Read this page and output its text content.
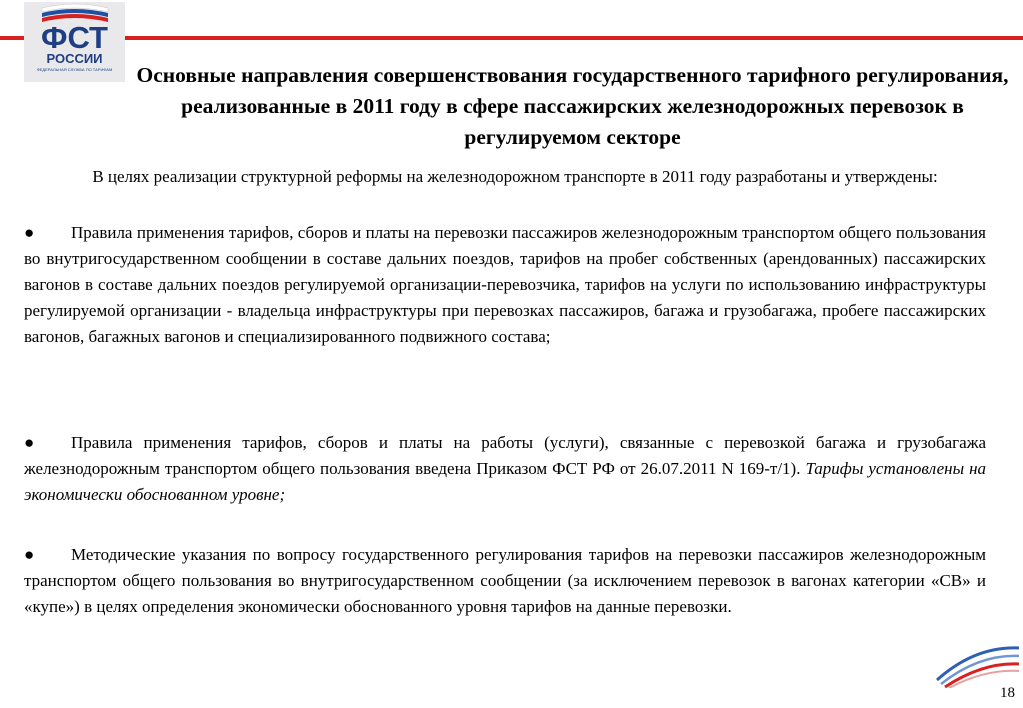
ФСТ
РОССИИ
ФЕДЕРАЛЬНАЯ СЛУЖБА ПО ТАРИФАМ	Основные направления совершенствования государственного тарифного регулирования, реализованные в 2011 году в сфере пассажирских железнодорожных перевозок в регулируемом секторе
В целях реализации структурной реформы на железнодорожном транспорте в 2011 году разработаны и утверждены:
● Правила применения тарифов, сборов и платы на перевозки пассажиров железнодорожным транспортом общего пользования во внутригосударственном сообщении в составе дальних поездов, тарифов на пробег собственных (арендованных) пассажирских вагонов в составе дальних поездов регулируемой организации-перевозчика, тарифов на услуги по использованию инфраструктуры регулируемой организации - владельца инфраструктуры при перевозках пассажиров, багажа и грузобагажа, пробеге пассажирских вагонов, багажных вагонов и специализированного подвижного состава;
● Правила применения тарифов, сборов и платы на работы (услуги), связанные с перевозкой багажа и грузобагажа железнодорожным транспортом общего пользования введена Приказом ФСТ РФ от 26.07.2011 N 169-т/1). Тарифы установлены на экономически обоснованном уровне;
● Методические указания по вопросу государственного регулирования тарифов на перевозки пассажиров железнодорожным транспортом общего пользования во внутригосударственном сообщении (за исключением перевозок в вагонах категории «СВ» и «купе») в целях определения экономически обоснованного уровня тарифов на данные перевозки.
18
